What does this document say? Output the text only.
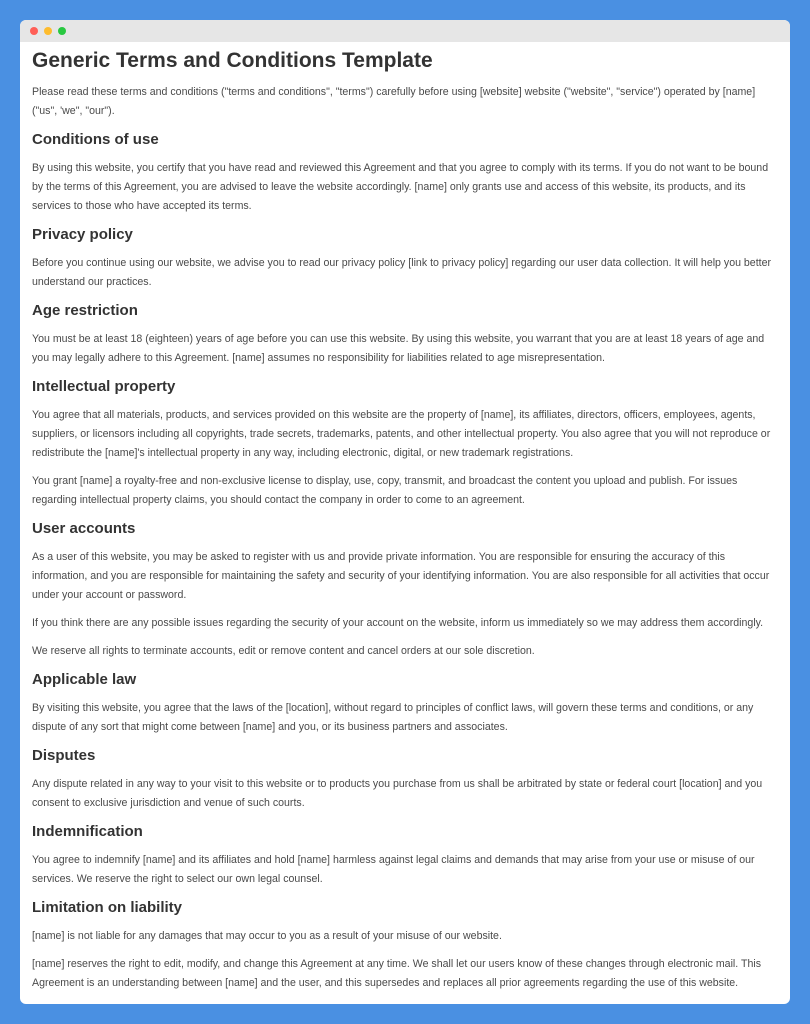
Generic Terms and Conditions Template

Please read these terms and conditions ("terms and conditions", "terms") carefully before using [website] website ("website", "service") operated by [name] ("us", 'we", "our").

Conditions of use

By using this website, you certify that you have read and reviewed this Agreement and that you agree to comply with its terms. If you do not want to be bound by the terms of this Agreement, you are advised to leave the website accordingly. [name] only grants use and access of this website, its products, and its services to those who have accepted its terms.

Privacy policy

Before you continue using our website, we advise you to read our privacy policy [link to privacy policy] regarding our user data collection. It will help you better understand our practices.

Age restriction

You must be at least 18 (eighteen) years of age before you can use this website. By using this website, you warrant that you are at least 18 years of age and you may legally adhere to this Agreement. [name] assumes no responsibility for liabilities related to age misrepresentation.

Intellectual property

You agree that all materials, products, and services provided on this website are the property of [name], its affiliates, directors, officers, employees, agents, suppliers, or licensors including all copyrights, trade secrets, trademarks, patents, and other intellectual property. You also agree that you will not reproduce or redistribute the [name]'s intellectual property in any way, including electronic, digital, or new trademark registrations.

You grant [name] a royalty-free and non-exclusive license to display, use, copy, transmit, and broadcast the content you upload and publish. For issues regarding intellectual property claims, you should contact the company in order to come to an agreement.

User accounts

As a user of this website, you may be asked to register with us and provide private information. You are responsible for ensuring the accuracy of this information, and you are responsible for maintaining the safety and security of your identifying information. You are also responsible for all activities that occur under your account or password.

If you think there are any possible issues regarding the security of your account on the website, inform us immediately so we may address them accordingly.

We reserve all rights to terminate accounts, edit or remove content and cancel orders at our sole discretion.

Applicable law

By visiting this website, you agree that the laws of the [location], without regard to principles of conflict laws, will govern these terms and conditions, or any dispute of any sort that might come between [name] and you, or its business partners and associates.

Disputes

Any dispute related in any way to your visit to this website or to products you purchase from us shall be arbitrated by state or federal court [location] and you consent to exclusive jurisdiction and venue of such courts.

Indemnification

You agree to indemnify [name] and its affiliates and hold [name] harmless against legal claims and demands that may arise from your use or misuse of our services. We reserve the right to select our own legal counsel.

Limitation on liability

[name] is not liable for any damages that may occur to you as a result of your misuse of our website.

[name] reserves the right to edit, modify, and change this Agreement at any time. We shall let our users know of these changes through electronic mail. This Agreement is an understanding between [name] and the user, and this supersedes and replaces all prior agreements regarding the use of this website.
